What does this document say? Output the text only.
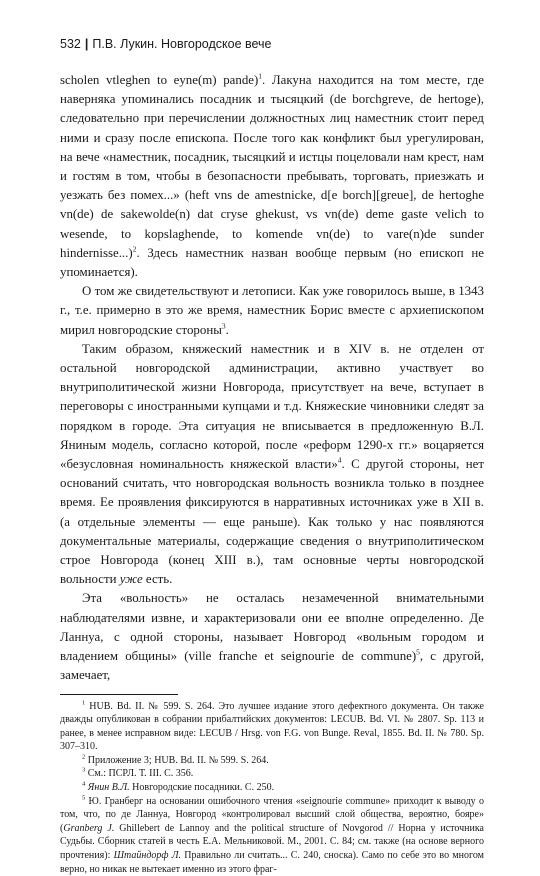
532 | П.В. Лукин. Новгородское вече

scholen vtleghen to eyne(m) pande)$^1$. Лакуна находится на том месте, где наверняка упоминались посадник и тысяцкий (de borchgreve, de hertoge), следовательно при перечислении должностных лиц наместник стоит перед ними и сразу после епископа. После того как конфликт был урегулирован, на вече «наместник, посадник, тысяцкий и истцы поцеловали нам крест, нам и гостям в том, чтобы в безопасности пребывать, торговать, приезжать и уезжать без помех...» (heft vns de amestnicke, d[e borch][greue], de hertoghe vn(de) de sakewolde(n) dat cryse ghekust, vs vn(de) deme gaste velich to wesende, to kopslaghende, to komende vn(de) to vare(n)de sunder hindernisse...)$^2$. Здесь наместник назван вообще первым (но епископ не упоминается).

О том же свидетельствуют и летописи. Как уже говорилось выше, в 1343 г., т.е. примерно в это же время, наместник Борис вместе с архиепископом мирил новгородские стороны$^3$.

Таким образом, княжеский наместник и в XIV в. не отделен от остальной новгородской администрации, активно участвует во внутриполитической жизни Новгорода, присутствует на вече, вступает в переговоры с иностранными купцами и т.д. Княжеские чиновники следят за порядком в городе. Эта ситуация не вписывается в предложенную В.Л. Яниным модель, согласно которой, после «реформ 1290-х гг.» воцаряется «безусловная номинальность княжеской власти»$^4$. С другой стороны, нет оснований считать, что новгородская вольность возникла только в позднее время. Ее проявления фиксируются в нарративных источниках уже в XII в. (а отдельные элементы — еще раньше). Как только у нас появляются документальные материалы, содержащие сведения о внутриполитическом строе Новгорода (конец XIII в.), там основные черты новгородской вольности уже есть.

Эта «вольность» не осталась незамеченной внимательными наблюдателями извне, и характеризовали они ее вполне определенно. Де Ланнуа, с одной стороны, называет Новгород «вольным городом и владением общины» (ville franche et seignourie de commune)$^5$, с другой, замечает,

$^1$ HUB. Bd. II. № 599. S. 264. Это лучшее издание этого дефектного документа. Он также дважды опубликован в собрании прибалтийских документов: LECUB. Bd. VI. № 2807. Sp. 113 и ранее, в менее исправном виде: LECUB / Hrsg. von F.G. von Bunge. Reval, 1855. Bd. II. № 780. Sp. 307–310.

$^2$ Приложение 3; HUB. Bd. II. № 599. S. 264.

$^3$ См.: ПСРЛ. Т. III. С. 356.

$^4$ Янин В.Л. Новгородские посадники. С. 250.

$^5$ Ю. Гранберг на основании ошибочного чтения «seignourie commune» приходит к выводу о том, что, по де Ланнуа, Новгород «контролировал высший слой общества, вероятно, бояре» (Granberg J. Ghillebert de Lannoy and the political structure of Novgorod // Норна у источника Судьбы. Сборник статей в честь Е.А. Мельниковой. М., 2001. С. 84; см. также (на основе верного прочтения): Штайндорф Л. Правильно ли считать... С. 240, сноска). Само по себе это во многом верно, но никак не вытекает именно из этого фраг-
